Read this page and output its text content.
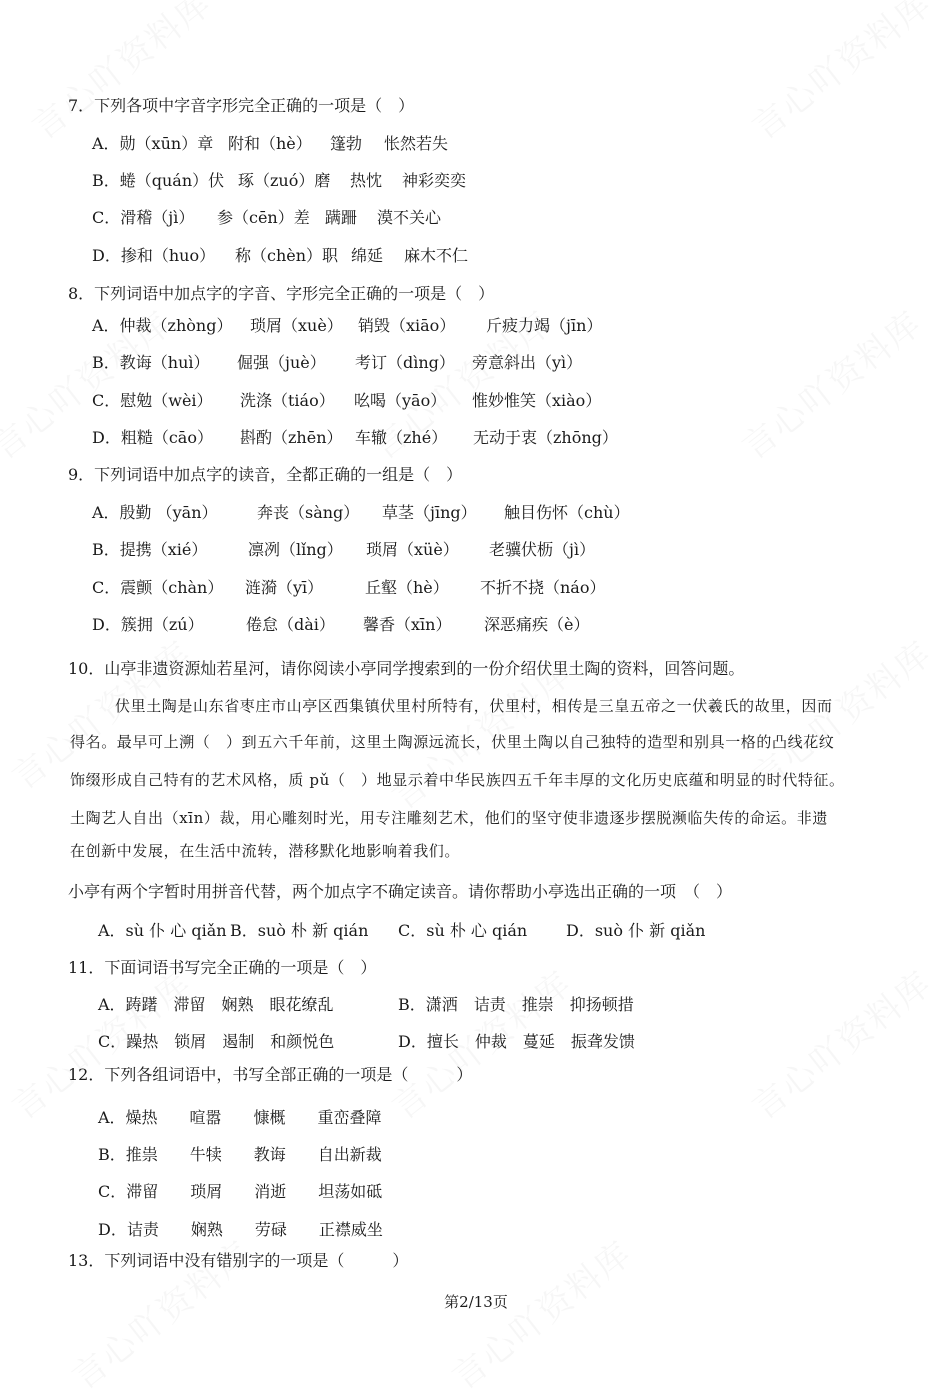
7．下列各项中字音字形完全正确的一项是（　）
A．勋（xūn）章 附和（hè） 篷勃 怅然若失
B．蜷（quán）伏 琢（zuó）磨 热忱 神彩奕奕
C．滑稽（jì） 参（cēn）差 蹒跚 漠不关心
D．掺和（huo） 称（chèn）职 绵延 麻木不仁
8．下列词语中加点字的字音、字形完全正确的一项是（　）
A．仲裁（zhòng） 琐屑（xuè） 销毁（xiāo） 斤疲力竭（jīn）
B．教诲（huì） 倔强（juè） 考订（dìng） 旁意斜出（yì）
C．慰勉（wèi） 洗涤（tiáo） 吆喝（yāo） 惟妙惟笑（xiào）
D．粗糙（cāo） 斟酌（zhēn） 车辙（zhé） 无动于衷（zhōng）
9．下列词语中加点字的读音，全都正确的一组是（　）
A．殷勤 （yān） 奔丧（sàng） 草茎（jīng） 触目伤怀（chù）
B．提携（xié）	凛冽（lǐng） 琐屑（xüè） 老骥伏枥（jì）
C．震颤（chàn） 涟漪（yī）	丘壑（hè） 不折不挠（náo）
D．簇拥（zú）	倦怠（dài） 馨香（xīn） 深恶痛疾（è）
10．山亭非遗资源灿若星河，请你阅读小亭同学搜索到的一份介绍伏里土陶的资料，回答问题。
伏里土陶是山东省枣庄市山亭区西集镇伏里村所特有，伏里村，相传是三皇五帝之一伏羲氏的故里，因而
得名。最早可上溯（　）到五六千年前，这里土陶源远流长，伏里土陶以自己独特的造型和别具一格的凸线花纹
饰缀形成自己特有的艺术风格，质 pǔ（　）地显示着中华民族四五千年丰厚的文化历史底蕴和明显的时代特征。
土陶艺人自出（xīn）裁，用心雕刻时光，用专注雕刻艺术，他们的坚守使非遗逐步摆脱濒临失传的命运。非遗
在创新中发展，在生活中流转，潜移默化地影响着我们。
小亭有两个字暂时用拼音代替，两个加点字不确定读音。请你帮助小亭选出正确的一项　（　）
A．sù 仆 心 qiǎn B．suò 朴 新 qián C．sù 朴 心 qián D．suò 仆 新 qiǎn
11．下面词语书写完全正确的一项是（　）
A．踌躇　滞留　娴熟　眼花缭乱	B．潇洒　诘责　推崇　抑扬顿措
C．躁热　锁屑　遏制　和颜悦色	D．擅长　仲裁　蔓延　振聋发馈
12．下列各组词语中，书写全部正确的一项是（　　　）
A．燥热　　喧嚣　　慷概　　重峦叠障
B．推祟　　牛犊　　教诲　　自出新裁
C．滞留　　琐屑　　消逝　　坦荡如砥
D．诘责　　娴熟　　劳碌　　正襟威坐
13．下列词语中没有错别字的一项是（　　　）
第2/13页
